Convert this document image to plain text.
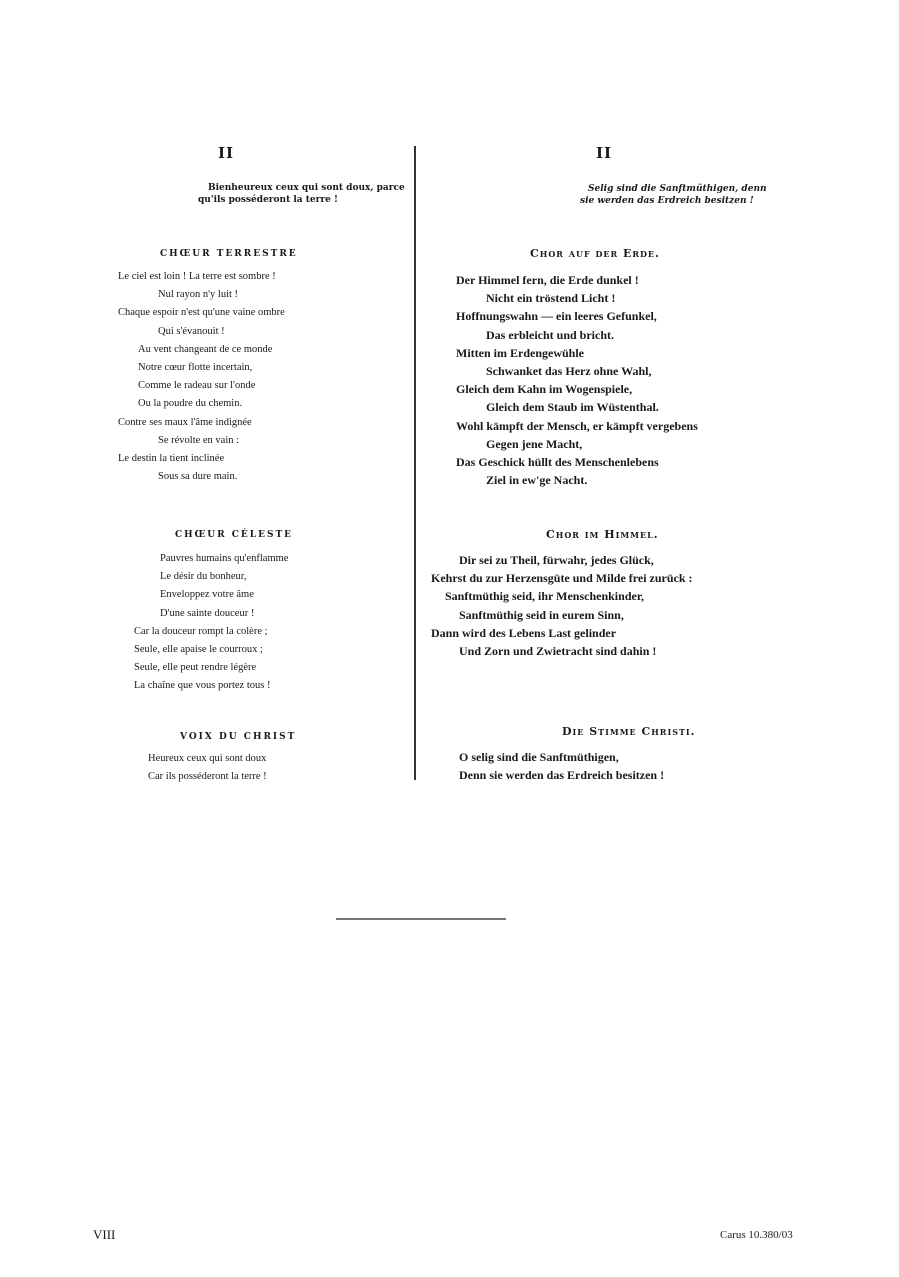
II
Bienheureux ceux qui sont doux, parce
qu'ils posséderont la terre !
CHŒUR TERRESTRE
Le ciel est loin ! La terre est sombre !
Nul rayon n'y luit !
Chaque espoir n'est qu'une vaine ombre
Qui s'évanouit !
Au vent changeant de ce monde
Notre cœur flotte incertain,
Comme le radeau sur l'onde
Ou la poudre du chemin.
Contre ses maux l'âme indignée
Se révolte en vain :
Le destin la tient inclinée
Sous sa dure main.
CHŒUR CÉLESTE
Pauvres humains qu'enflamme
Le désir du bonheur,
Enveloppez votre âme
D'une sainte douceur !
Car la douceur rompt la colère ;
Seule, elle apaise le courroux ;
Seule, elle peut rendre légère
La chaîne que vous portez tous !
VOIX DU CHRIST
Heureux ceux qui sont doux
Car ils posséderont la terre !
II
Selig sind die Sanftmüthigen, denn
sie werden das Erdreich besitzen !
Chor auf der Erde.
Der Himmel fern, die Erde dunkel !
Nicht ein tröstend Licht !
Hoffnungswahn — ein leeres Gefunkel,
Das erbleicht und bricht.
Mitten im Erdengewühle
Schwanket das Herz ohne Wahl,
Gleich dem Kahn im Wogenspiele,
Gleich dem Staub im Wüstenthal.
Wohl kämpft der Mensch, er kämpft vergebens
Gegen jene Macht,
Das Geschick hüllt des Menschenlebens
Ziel in ew'ge Nacht.
Chor im Himmel.
Dir sei zu Theil, fürwahr, jedes Glück,
Kehrst du zur Herzensgüte und Milde frei zurück :
Sanftmüthig seid, ihr Menschenkinder,
Sanftmüthig seid in eurem Sinn,
Dann wird des Lebens Last gelinder
Und Zorn und Zwietracht sind dahin !
Die Stimme Christi.
O selig sind die Sanftmüthigen,
Denn sie werden das Erdreich besitzen !
VIII	Carus 10.380/03
